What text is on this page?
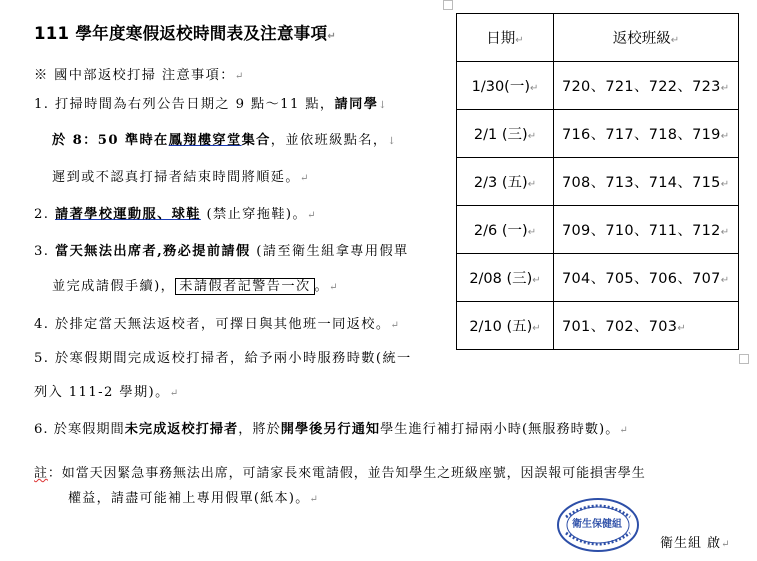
111 學年度寒假返校時間表及注意事項↵
※ 國中部返校打掃 注意事項：↵
1. 打掃時間為右列公告日期之 9 點～11 點，請同學↓
於 8：50 準時在鳳翔樓穿堂集合，並依班級點名，↓
遲到或不認真打掃者結束時間將順延。↵
2. 請著學校運動服、球鞋 (禁止穿拖鞋)。↵
3. 當天無法出席者,務必提前請假 (請至衛生組拿專用假單
並完成請假手續)， 未請假者記警告一次 。↵
4. 於排定當天無法返校者，可擇日與其他班一同返校。↵
5. 於寒假期間完成返校打掃者，給予兩小時服務時數(統一
列入 111-2 學期)。↵
6. 於寒假期間未完成返校打掃者，將於開學後另行通知學生進行補打掃兩小時(無服務時數)。↵
註：如當天因緊急事務無法出席，可請家長來電請假，並告知學生之班級座號，因誤報可能損害學生
權益，請盡可能補上專用假單(紙本)。↵
衛生保健組
衛生組 啟↵
日期↵	返校班級↵
1/30(一)↵	720、721、722、723↵
2/1 (三)↵	716、717、718、719↵
2/3 (五)↵	708、713、714、715↵
2/6 (一)↵	709、710、711、712↵
2/08 (三)↵	704、705、706、707↵
2/10 (五)↵	701、702、703↵
